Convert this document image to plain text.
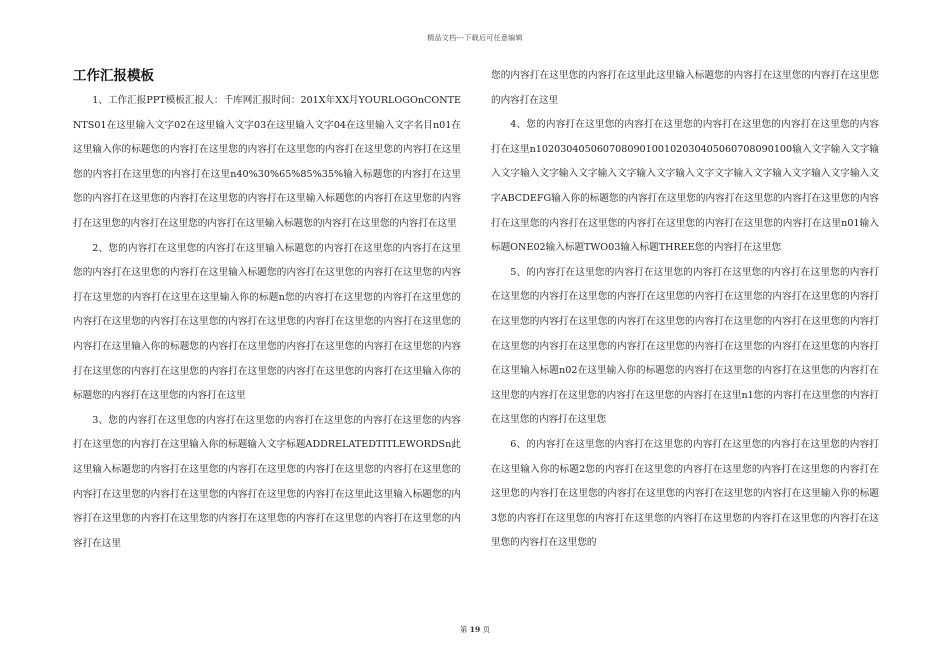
精品文档---下载后可任意编辑
工作汇报模板

1、工作汇报PPT模板汇报人：千库网汇报时间：201X年XX月YOURLOGOnCONTENTS01在这里输入文字02在这里输入文字03在这里输入文字04在这里输入文字名目n01在这里输入你的标题您的内容打在这里您的内容打在这里您的内容打在这里您的内容打在这里您的内容打在这里您的内容打在这里n40%30%65%85%35%输入标题您的内容打在这里您的内容打在这里您的内容打在这里您的内容打在这里输入标题您的内容打在这里您的内容打在这里您的内容打在这里您的内容打在这里输入标题您的内容打在这里您的内容打在这里

2、您的内容打在这里您的内容打在这里输入标题您的内容打在这里您的内容打在这里您的内容打在这里您的内容打在这里输入标题您的内容打在这里您的内容打在这里您的内容打在这里您的内容打在这里在这里输入你的标题n您的内容打在这里您的内容打在这里您的内容打在这里您的内容打在这里您的内容打在这里您的内容打在这里您的内容打在这里您的内容打在这里输入你的标题您的内容打在这里您的内容打在这里您的内容打在这里您的内容打在这里您的内容打在这里您的内容打在这里您的内容打在这里您的内容打在这里输入你的标题您的内容打在这里您的内容打在这里

3、您的内容打在这里您的内容打在这里您的内容打在这里您的内容打在这里您的内容打在这里您的内容打在这里输入你的标题输入文字标题ADDRELATEDTITLEWORDSn此这里输入标题您的内容打在这里您的内容打在这里您的内容打在这里您的内容打在这里您的内容打在这里您的内容打在这里您的内容打在这里您的内容打在这里此这里输入标题您的内容打在这里您的内容打在这里您的内容打在这里您的内容打在这里您的内容打在这里您的内容打在这里

您的内容打在这里您的内容打在这里此这里输入标题您的内容打在这里您的内容打在这里您的内容打在这里

4、您的内容打在这里您的内容打在这里您的内容打在这里您的内容打在这里您的内容打在这里n102030405060708090100102030405060708090100输入文字输入文字输入文字输入文字输入文字输入文字输入文字输入文字文字输入文字输入文字输入文字输入文字ABCDEFG输入你的标题您的内容打在这里您的内容打在这里您的内容打在这里您的内容打在这里您的内容打在这里您的内容打在这里您的内容打在这里您的内容打在这里n01输入标题ONE02输入标题TWO03输入标题THREE您的内容打在这里您

5、的内容打在这里您的内容打在这里您的内容打在这里您的内容打在这里您的内容打在这里您的内容打在这里您的内容打在这里您的内容打在这里您的内容打在这里您的内容打在这里您的内容打在这里您的内容打在这里您的内容打在这里您的内容打在这里您的内容打在这里您的内容打在这里您的内容打在这里您的内容打在这里您的内容打在这里您的内容打在这里输入标题n02在这里输入你的标题您的内容打在这里您的内容打在这里您的内容打在这里您的内容打在这里您的内容打在这里您的内容打在这里n1您的内容打在这里您的内容打在这里您的内容打在这里您

6、的内容打在这里您的内容打在这里您的内容打在这里您的内容打在这里您的内容打在这里输入你的标题2您的内容打在这里您的内容打在这里您的内容打在这里您的内容打在这里您的内容打在这里您的内容打在这里您的内容打在这里您的内容打在这里输入你的标题3您的内容打在这里您的内容打在这里您的内容打在这里您的内容打在这里您的内容打在这里您的内容打在这里您的

第 19 页
